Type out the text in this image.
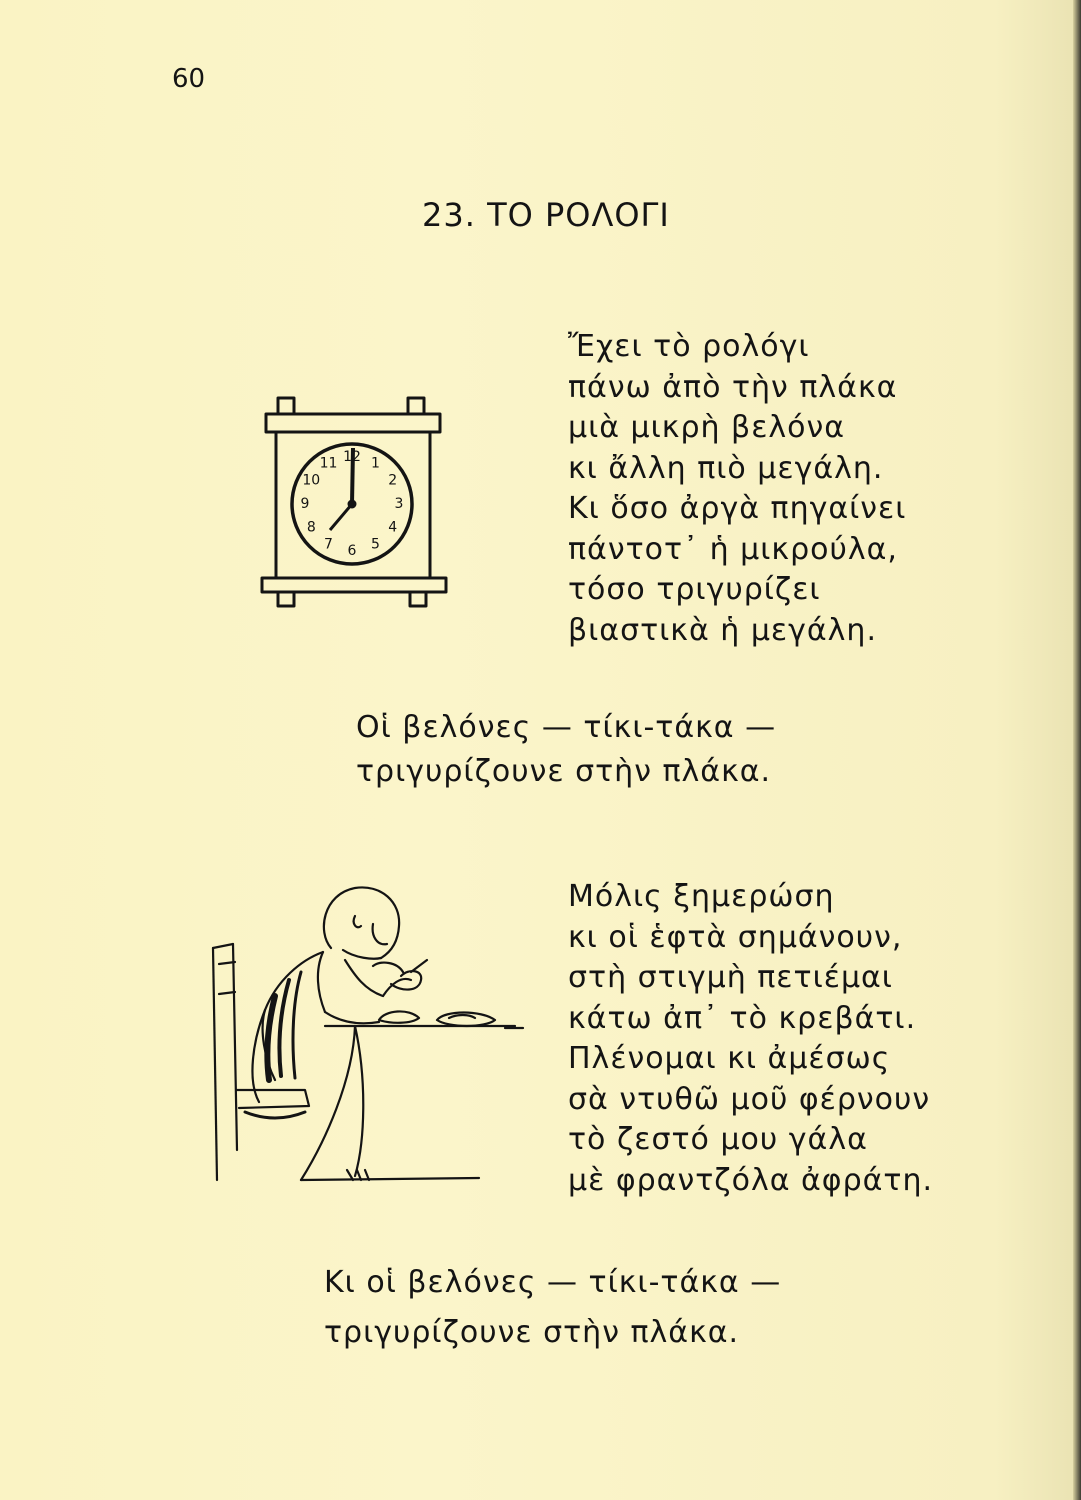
60
23. ΤΟ ΡΟΛΟΓΙ
12 1
2
3
4
5
6
7
8
9
10
11
Ἔχει τὸ ρολόγι
πάνω ἀπὸ τὴν πλάκα
μιὰ μικρὴ βελόνα
κι ἄλλη πιὸ μεγάλη.
Κι ὅσο ἀργὰ πηγαίνει
πάντοτ᾽ ἡ μικρούλα,
τόσο τριγυρίζει
βιαστικὰ ἡ μεγάλη.
Οἱ βελόνες — τίκι-τάκα —
τριγυρίζουνε στὴν πλάκα.
Μόλις ξημερώση
κι οἱ ἑφτὰ σημάνουν,
στὴ στιγμὴ πετιέμαι
κάτω ἀπ᾽ τὸ κρεβάτι.
Πλένομαι κι ἀμέσως
σὰ ντυθῶ μοῦ φέρνουν
τὸ ζεστό μου γάλα
μὲ φραντζόλα ἀφράτη.
Κι οἱ βελόνες — τίκι-τάκα —
τριγυρίζουνε στὴν πλάκα.
